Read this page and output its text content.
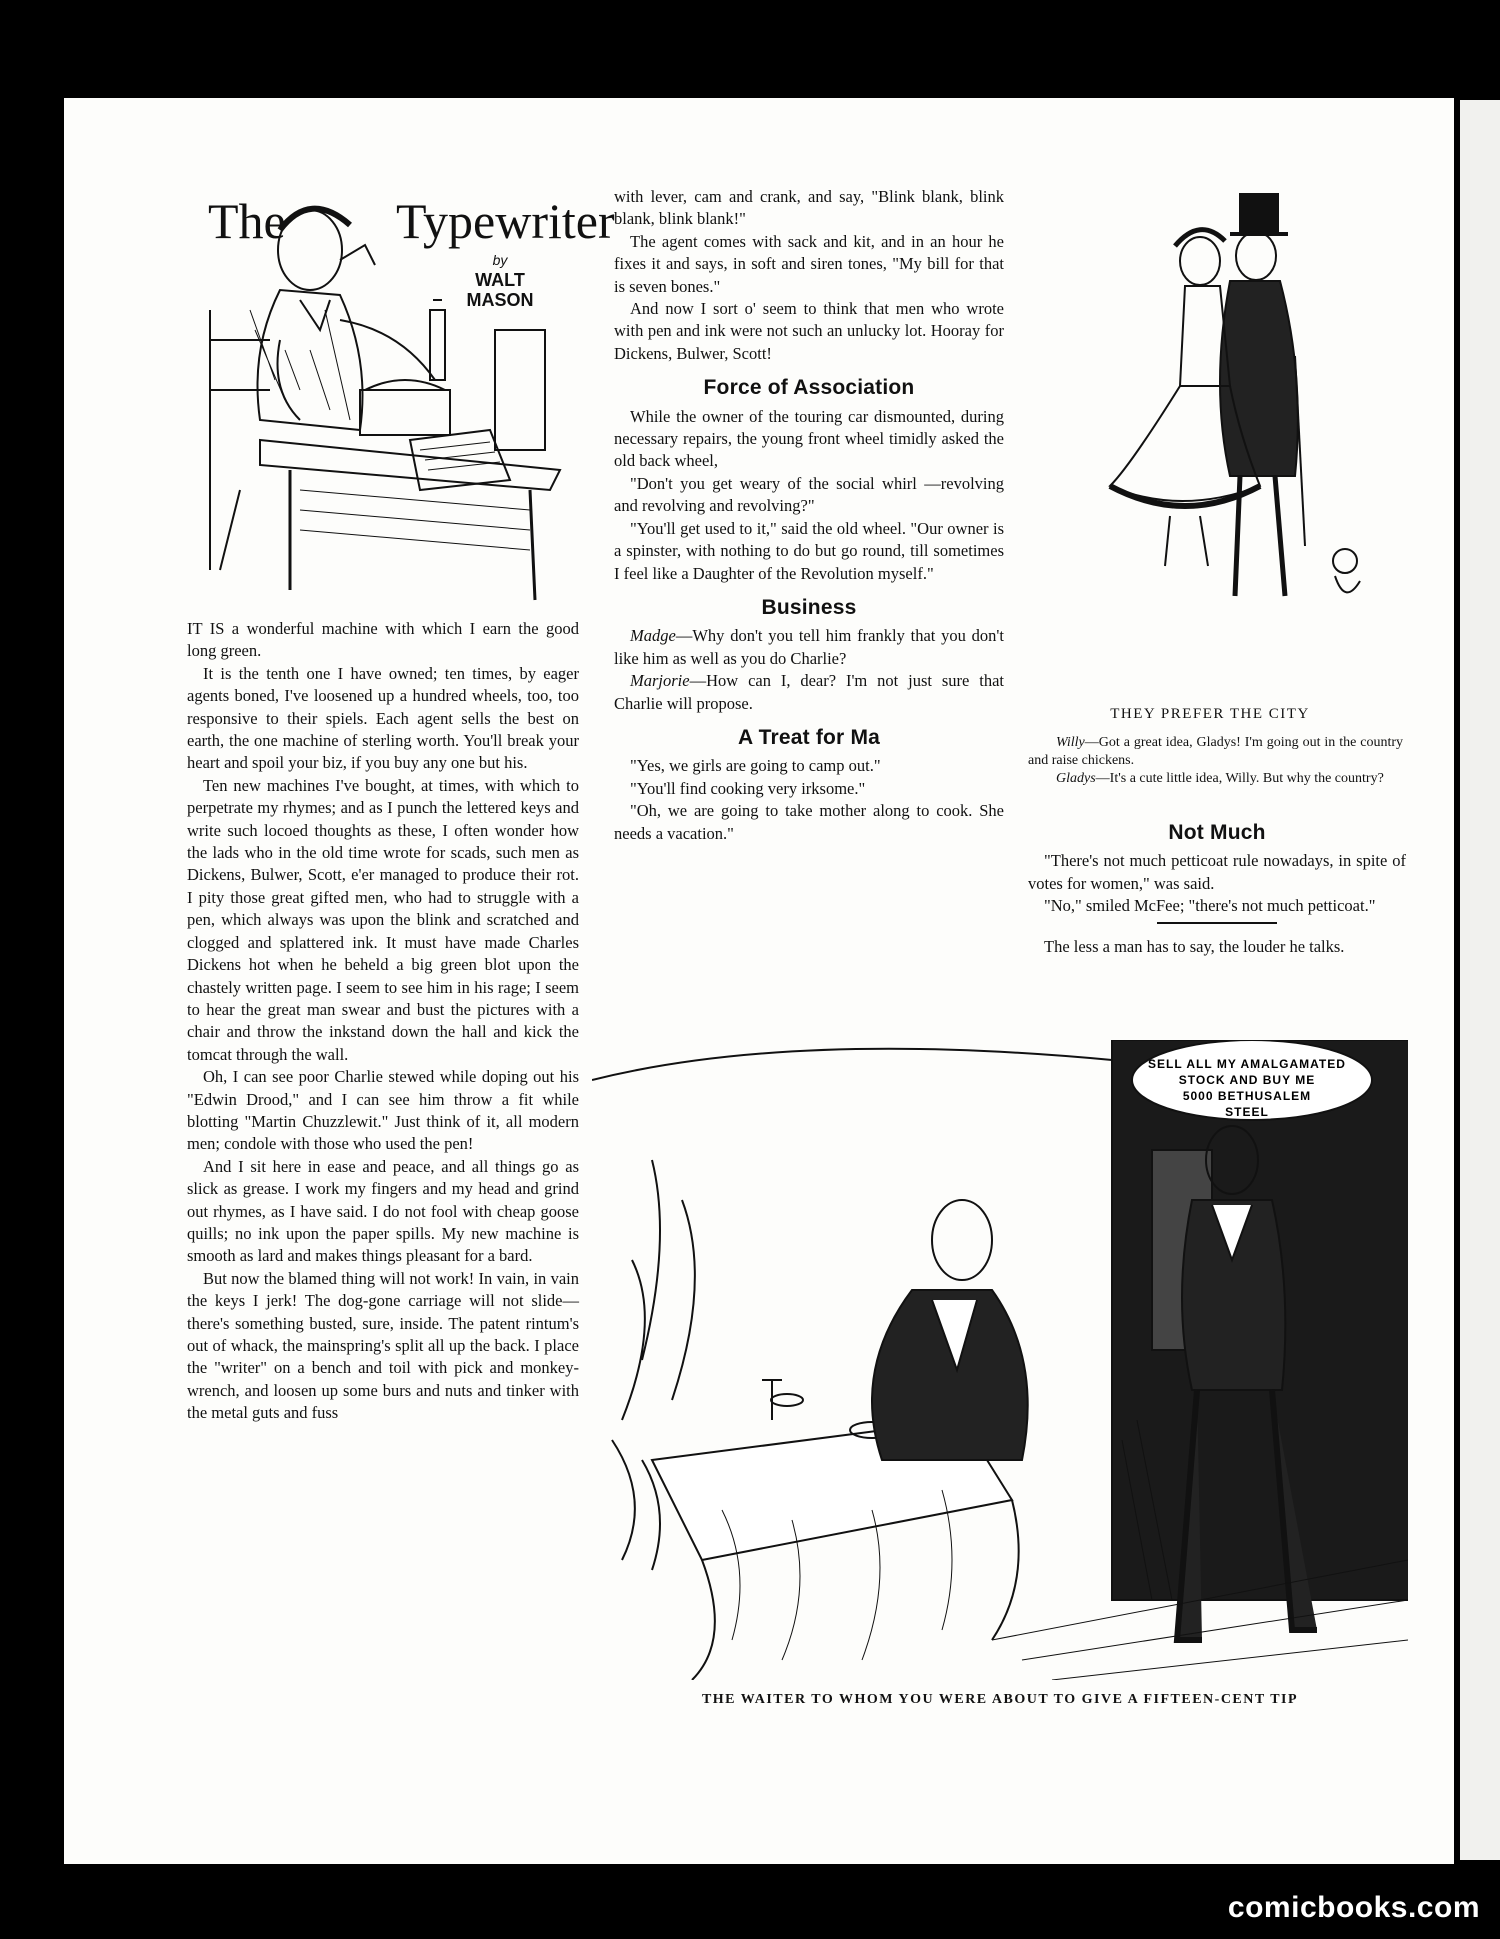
The Typewriter
by
WALT
MASON

IT IS a wonderful machine with which I earn the good long green.

It is the tenth one I have owned; ten times, by eager agents boned, I've loosened up a hundred wheels, too, too responsive to their spiels. Each agent sells the best on earth, the one machine of sterling worth. You'll break your heart and spoil your biz, if you buy any one but his.

Ten new machines I've bought, at times, with which to perpetrate my rhymes; and as I punch the lettered keys and write such locoed thoughts as these, I often wonder how the lads who in the old time wrote for scads, such men as Dickens, Bulwer, Scott, e'er managed to produce their rot. I pity those great gifted men, who had to struggle with a pen, which always was upon the blink and scratched and clogged and splattered ink. It must have made Charles Dickens hot when he beheld a big green blot upon the chastely written page. I seem to see him in his rage; I seem to hear the great man swear and bust the pictures with a chair and throw the inkstand down the hall and kick the tomcat through the wall.

Oh, I can see poor Charlie stewed while doping out his "Edwin Drood," and I can see him throw a fit while blotting "Martin Chuzzlewit." Just think of it, all modern men; condole with those who used the pen!

And I sit here in ease and peace, and all things go as slick as grease. I work my fingers and my head and grind out rhymes, as I have said. I do not fool with cheap goose quills; no ink upon the paper spills. My new machine is smooth as lard and makes things pleasant for a bard.

But now the blamed thing will not work! In vain, in vain the keys I jerk! The dog-gone carriage will not slide—there's something busted, sure, inside. The patent rintum's out of whack, the mainspring's split all up the back. I place the "writer" on a bench and toil with pick and monkey-wrench, and loosen up some burs and nuts and tinker with the metal guts and fuss

with lever, cam and crank, and say, "Blink blank, blink blank, blink blank!"

The agent comes with sack and kit, and in an hour he fixes it and says, in soft and siren tones, "My bill for that is seven bones."

And now I sort o' seem to think that men who wrote with pen and ink were not such an unlucky lot. Hooray for Dickens, Bulwer, Scott!

Force of Association

While the owner of the touring car dismounted, during necessary repairs, the young front wheel timidly asked the old back wheel,

"Don't you get weary of the social whirl —revolving and revolving and revolving?"

"You'll get used to it," said the old wheel. "Our owner is a spinster, with nothing to do but go round, till sometimes I feel like a Daughter of the Revolution myself."

Business

Madge—Why don't you tell him frankly that you don't like him as well as you do Charlie?

Marjorie—How can I, dear? I'm not just sure that Charlie will propose.

A Treat for Ma

"Yes, we girls are going to camp out."

"You'll find cooking very irksome."

"Oh, we are going to take mother along to cook. She needs a vacation."

THEY PREFER THE CITY
Willy—Got a great idea, Gladys! I'm going out in the country and raise chickens.
Gladys—It's a cute little idea, Willy. But why the country?
Not Much

"There's not much petticoat rule nowadays, in spite of votes for women," was said.

"No," smiled McFee; "there's not much petticoat."

The less a man has to say, the louder he talks.

SELL ALL MY AMALGAMATED
STOCK AND BUY ME
5000 BETHUSALEM
STEEL
THE WAITER TO WHOM YOU WERE ABOUT TO GIVE A FIFTEEN-CENT TIP
comicbooks.com
